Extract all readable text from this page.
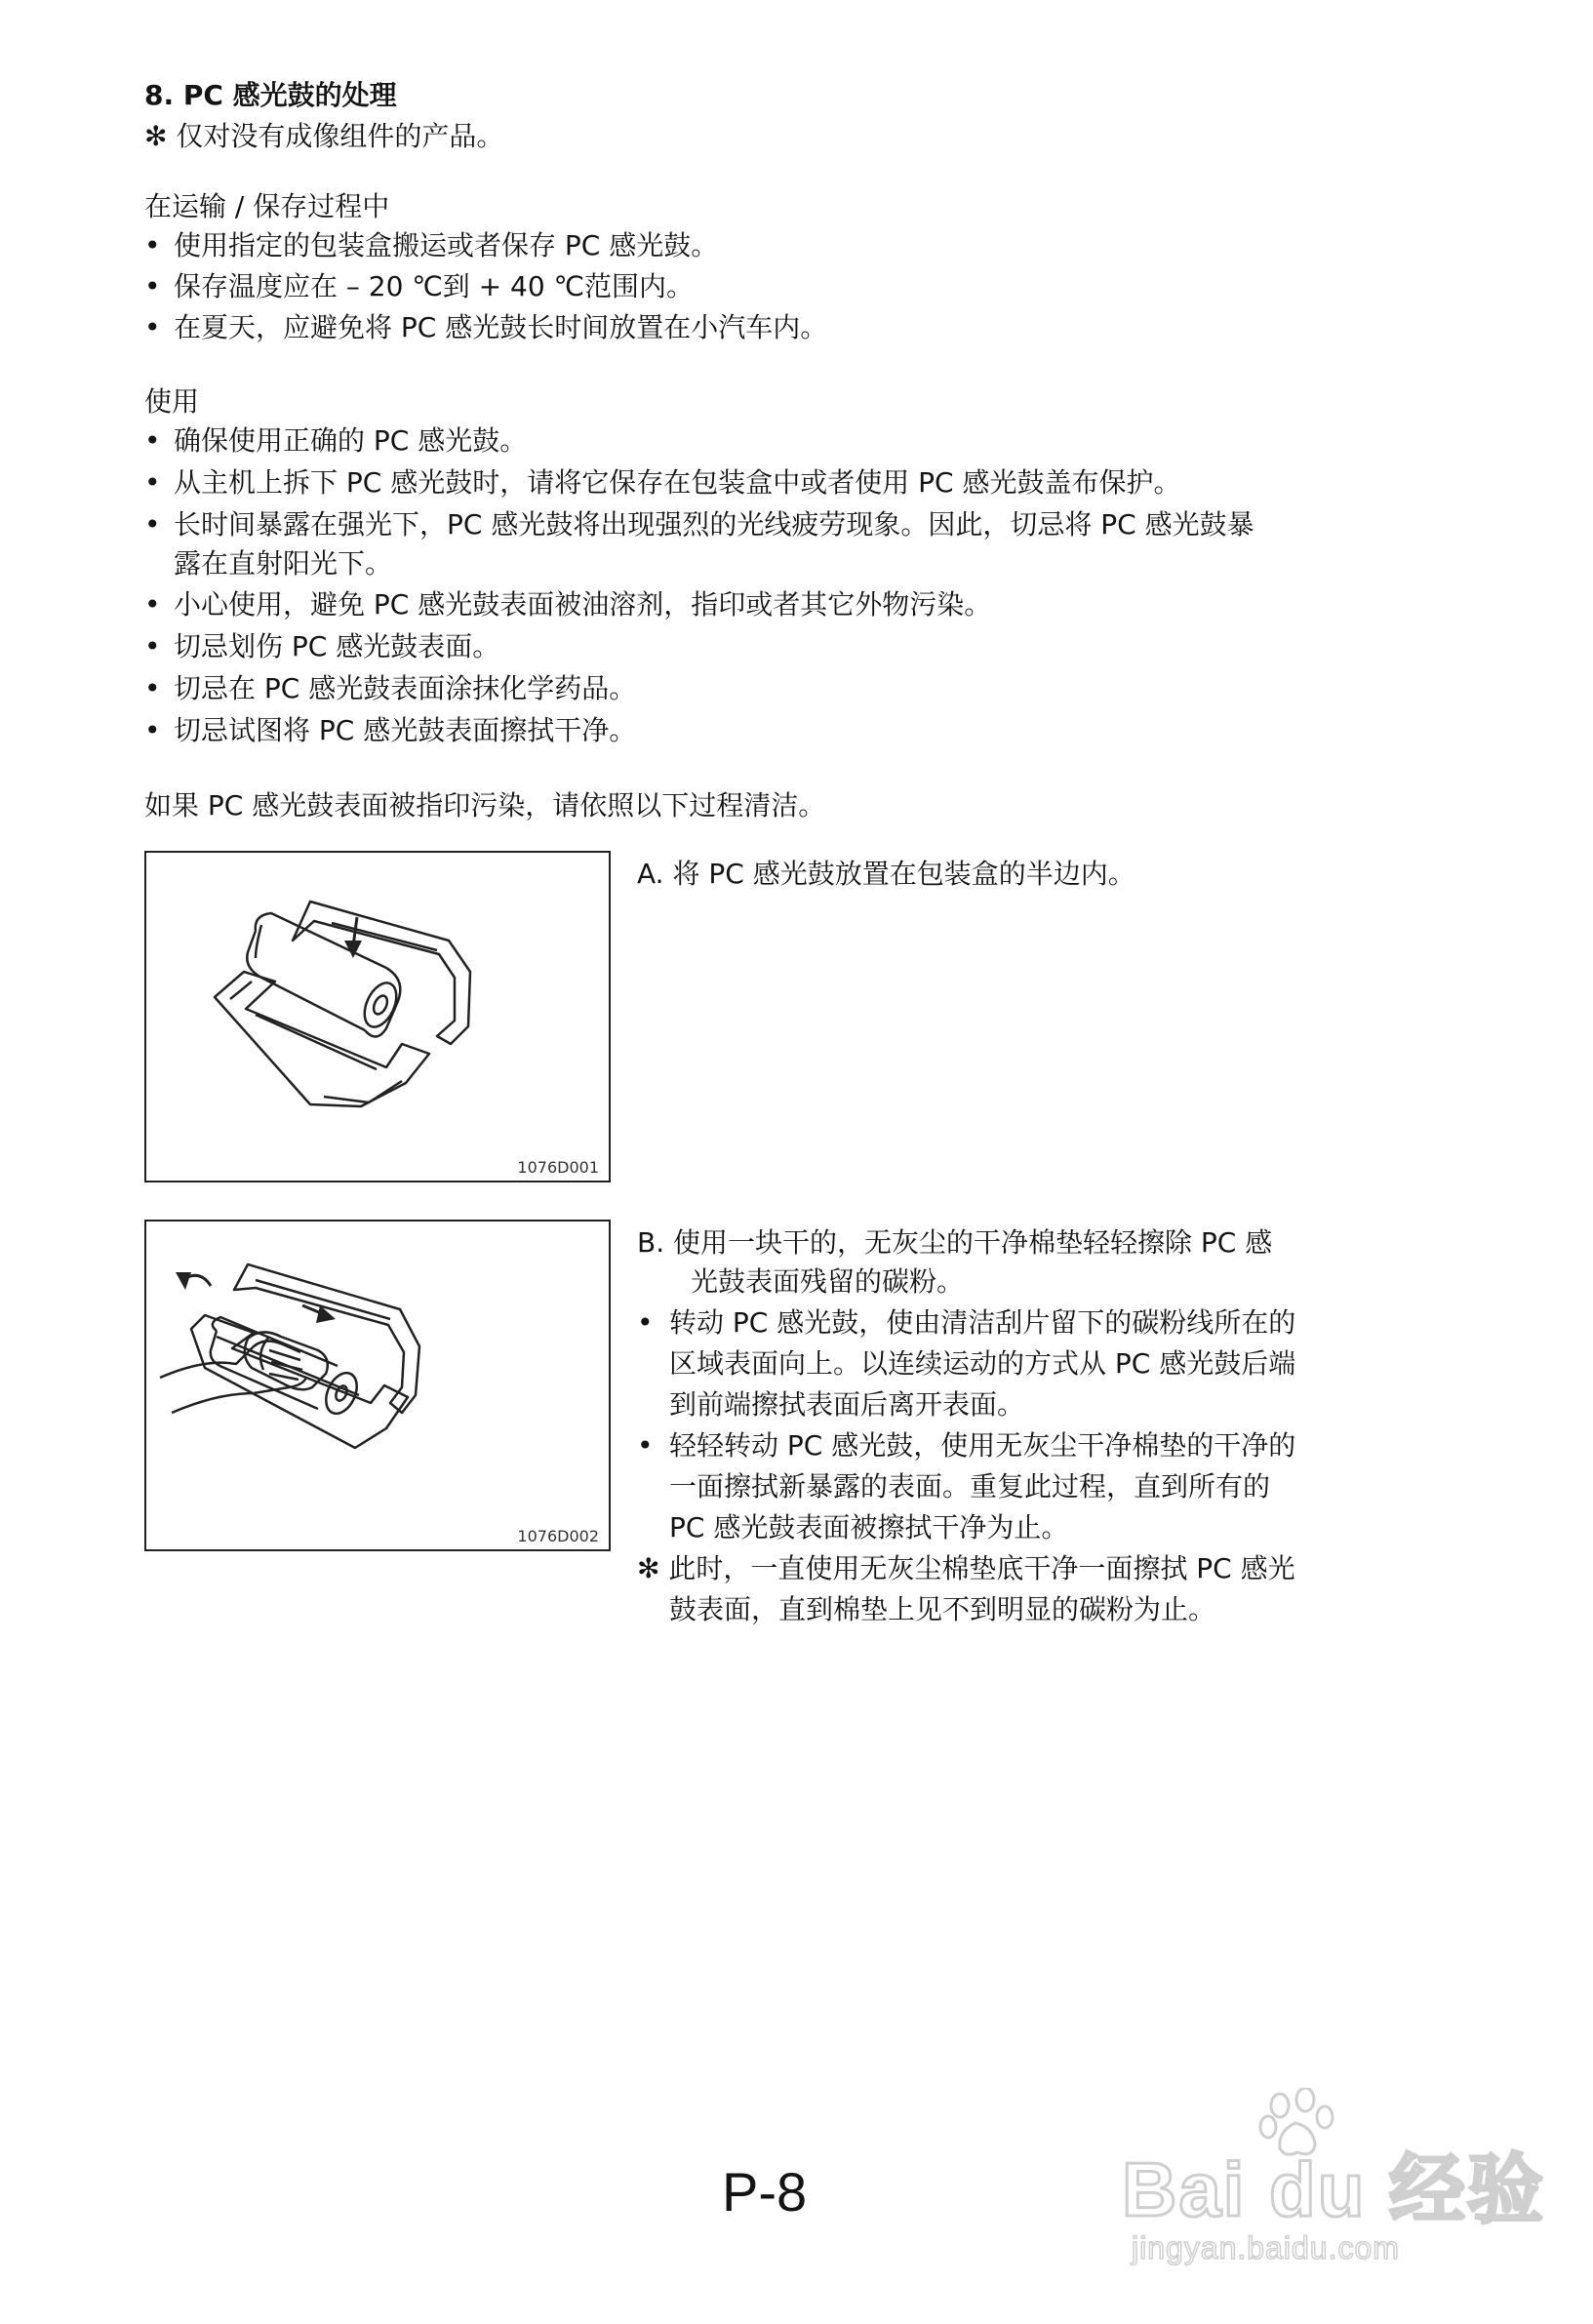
8. PC 感光鼓的处理
✻ 仅对没有成像组件的产品。
在运输 / 保存过程中
• 使用指定的包装盒搬运或者保存 PC 感光鼓。
• 保存温度应在 – 20 ℃到 + 40 ℃范围内。
• 在夏天，应避免将 PC 感光鼓长时间放置在小汽车内。
使用
• 确保使用正确的 PC 感光鼓。
• 从主机上拆下 PC 感光鼓时，请将它保存在包装盒中或者使用 PC 感光鼓盖布保护。
• 长时间暴露在强光下，PC 感光鼓将出现强烈的光线疲劳现象。因此，切忌将 PC 感光鼓暴
露在直射阳光下。
• 小心使用，避免 PC 感光鼓表面被油溶剂，指印或者其它外物污染。
• 切忌划伤 PC 感光鼓表面。
• 切忌在 PC 感光鼓表面涂抹化学药品。
• 切忌试图将 PC 感光鼓表面擦拭干净。
如果 PC 感光鼓表面被指印污染，请依照以下过程清洁。
1076D001
A. 将 PC 感光鼓放置在包装盒的半边内。
1076D002
B. 使用一块干的，无灰尘的干净棉垫轻轻擦除 PC 感
光鼓表面残留的碳粉。
• 转动 PC 感光鼓，使由清洁刮片留下的碳粉线所在的
区域表面向上。以连续运动的方式从 PC 感光鼓后端
到前端擦拭表面后离开表面。
• 轻轻转动 PC 感光鼓，使用无灰尘干净棉垫的干净的
一面擦拭新暴露的表面。重复此过程，直到所有的
PC 感光鼓表面被擦拭干净为止。
✻ 此时，一直使用无灰尘棉垫底干净一面擦拭 PC 感光
鼓表面，直到棉垫上见不到明显的碳粉为止。
P-8	Bai du 经验
jingyan.baidu.com
